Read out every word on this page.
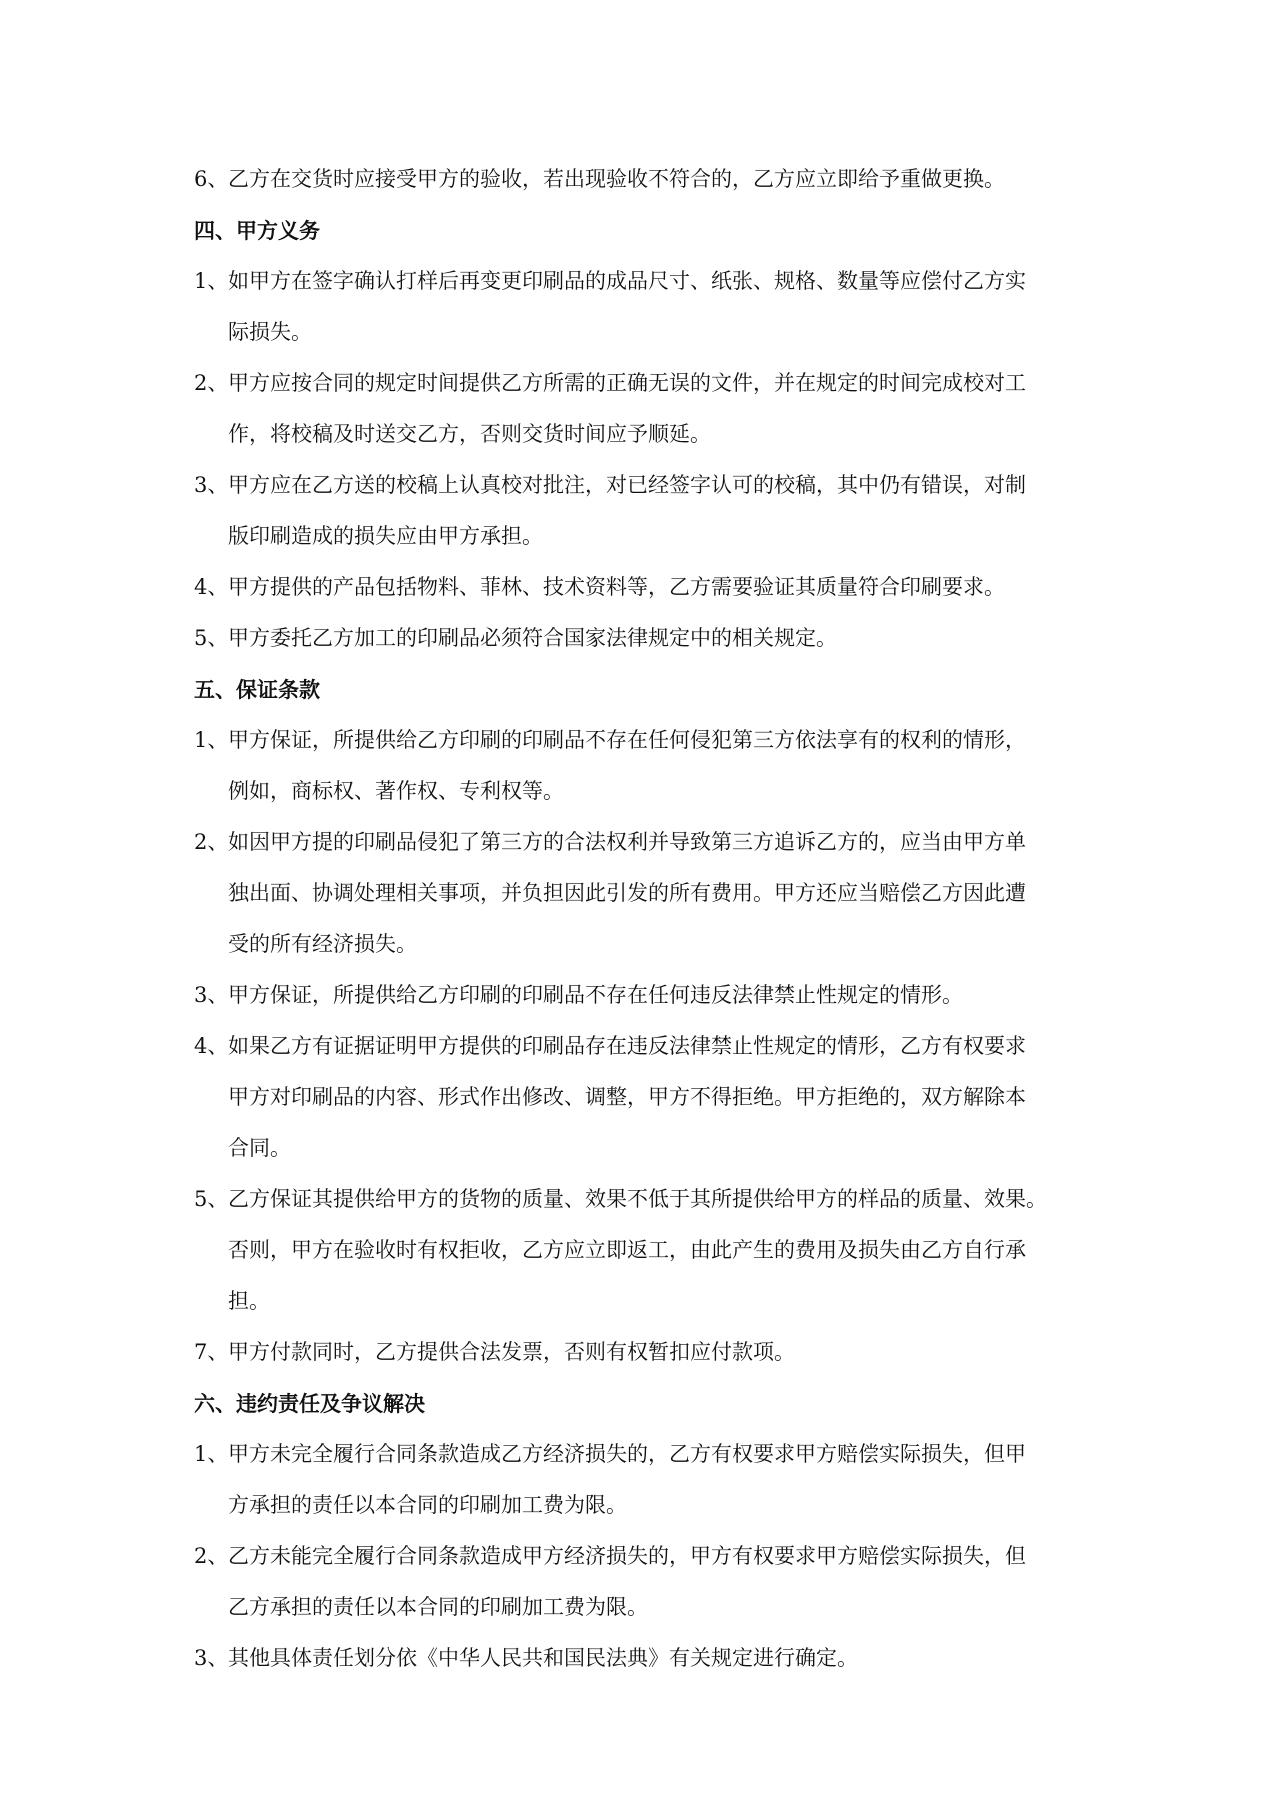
6、 乙方在交货时应接受甲方的验收，若出现验收不符合的，乙方应立即给予重做更换。
四、甲方义务
1、 如甲方在签字确认打样后再变更印刷品的成品尺寸、纸张、规格、数量等应偿付乙方实
际损失。
2、 甲方应按合同的规定时间提供乙方所需的正确无误的文件，并在规定的时间完成校对工
作，将校稿及时送交乙方，否则交货时间应予顺延。
3、 甲方应在乙方送的校稿上认真校对批注，对已经签字认可的校稿，其中仍有错误，对制
版印刷造成的损失应由甲方承担。
4、 甲方提供的产品包括物料、菲林、技术资料等，乙方需要验证其质量符合印刷要求。
5、 甲方委托乙方加工的印刷品必须符合国家法律规定中的相关规定。
五、保证条款
1、 甲方保证，所提供给乙方印刷的印刷品不存在任何侵犯第三方依法享有的权利的情形，
例如，商标权、著作权、专利权等。
2、 如因甲方提的印刷品侵犯了第三方的合法权利并导致第三方追诉乙方的，应当由甲方单
独出面、协调处理相关事项，并负担因此引发的所有费用。甲方还应当赔偿乙方因此遭
受的所有经济损失。
3、 甲方保证，所提供给乙方印刷的印刷品不存在任何违反法律禁止性规定的情形。
4、 如果乙方有证据证明甲方提供的印刷品存在违反法律禁止性规定的情形，乙方有权要求
甲方对印刷品的内容、形式作出修改、调整，甲方不得拒绝。甲方拒绝的，双方解除本
合同。
5、 乙方保证其提供给甲方的货物的质量、效果不低于其所提供给甲方的样品的质量、效果。
否则，甲方在验收时有权拒收，乙方应立即返工，由此产生的费用及损失由乙方自行承
担。
7、 甲方付款同时，乙方提供合法发票，否则有权暂扣应付款项。
六、违约责任及争议解决
1、 甲方未完全履行合同条款造成乙方经济损失的，乙方有权要求甲方赔偿实际损失，但甲
方承担的责任以本合同的印刷加工费为限。
2、 乙方未能完全履行合同条款造成甲方经济损失的，甲方有权要求甲方赔偿实际损失，但
乙方承担的责任以本合同的印刷加工费为限。
3、 其他具体责任划分依《中华人民共和国民法典》有关规定进行确定。
